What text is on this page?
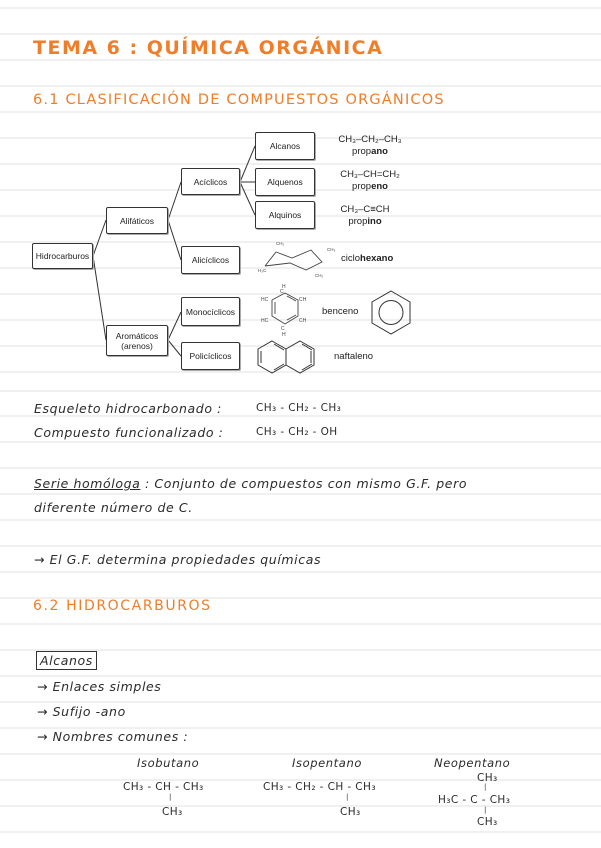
TEMA 6 : QUÍMICA ORGÁNICA
6.1 CLASIFICACIÓN DE COMPUESTOS ORGÁNICOS
H₃C
CH₂
CH₃
CH₂
H
C
HC	CH
HC	CH
C
H
Hidrocarburos
Alifáticos
Aromáticos
(arenos)
Acíclicos
Alicíclicos
Monocíclicos
Policíclicos
Alcanos
Alquenos
Alquinos
CH₃–CH₂–CH₃
propano
CH₃–CH=CH₂
propeno
CH₃–C≡CH
propino
ciclohexano
benceno
naftaleno
Esqueleto hidrocarbonado :	CH₃ - CH₂ - CH₃
Compuesto funcionalizado :	CH₃ - CH₂ - OH
Serie homóloga : Conjunto de compuestos con mismo G.F. pero
diferente número de C.
→ El G.F. determina propiedades químicas
6.2 HIDROCARBUROS
Alcanos
→ Enlaces simples
→ Sufijo -ano
→ Nombres comunes :
Isobutano
CH₃ - CH - CH₃
|
CH₃
Isopentano
CH₃ - CH₂ - CH - CH₃
|
CH₃
Neopentano
CH₃
|
H₃C - C - CH₃
|
CH₃
